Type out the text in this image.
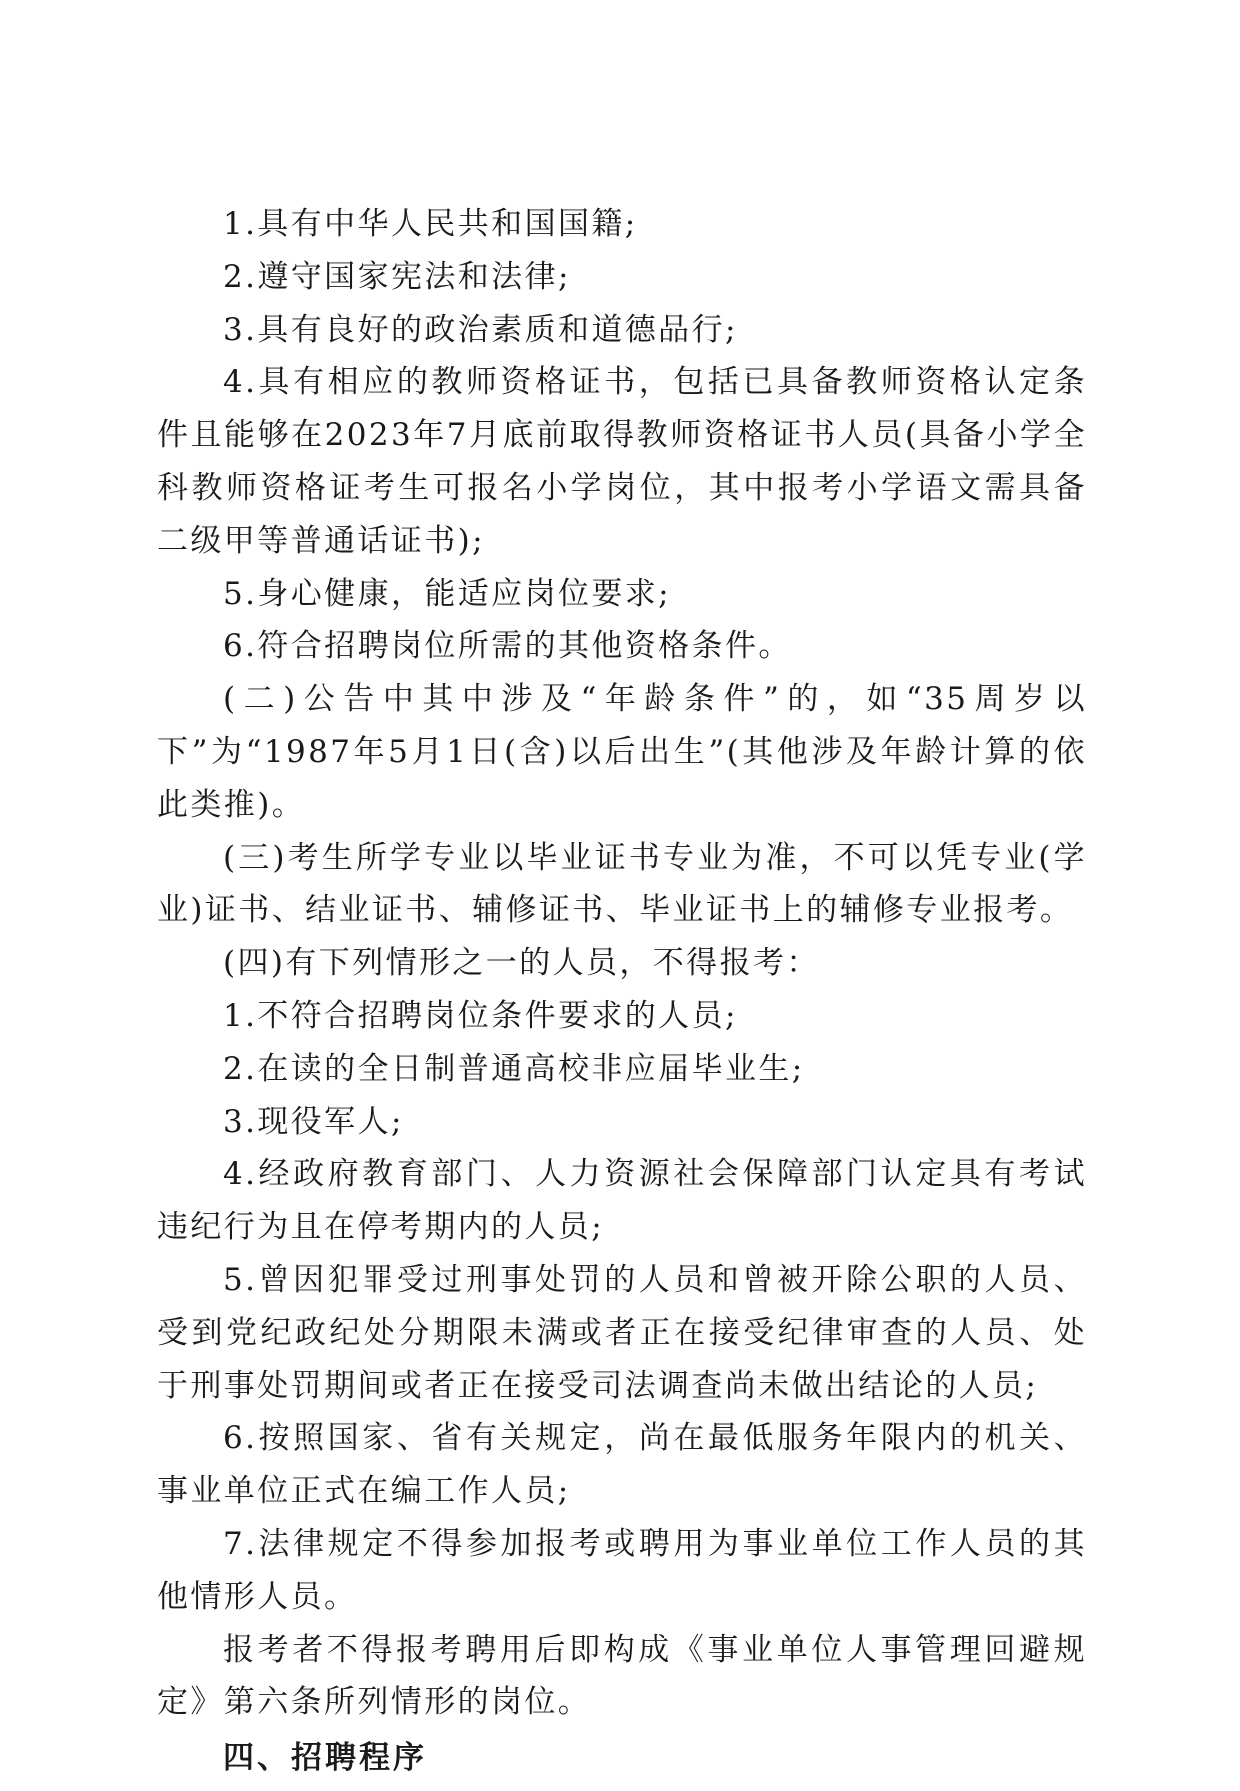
1.具有中华人民共和国国籍;

2.遵守国家宪法和法律;

3.具有良好的政治素质和道德品行;

4.具有相应的教师资格证书，包括已具备教师资格认定条件且能够在2023年7月底前取得教师资格证书人员(具备小学全科教师资格证考生可报名小学岗位，其中报考小学语文需具备二级甲等普通话证书);

5.身心健康，能适应岗位要求;

6.符合招聘岗位所需的其他资格条件。

(二)公告中其中涉及“年龄条件”的，如“35周岁以下”为“1987年5月1日(含)以后出生”(其他涉及年龄计算的依此类推)。

(三)考生所学专业以毕业证书专业为准，不可以凭专业(学业)证书、结业证书、辅修证书、毕业证书上的辅修专业报考。

(四)有下列情形之一的人员，不得报考：

1.不符合招聘岗位条件要求的人员;

2.在读的全日制普通高校非应届毕业生;

3.现役军人;

4.经政府教育部门、人力资源社会保障部门认定具有考试违纪行为且在停考期内的人员;

5.曾因犯罪受过刑事处罚的人员和曾被开除公职的人员、受到党纪政纪处分期限未满或者正在接受纪律审查的人员、处于刑事处罚期间或者正在接受司法调查尚未做出结论的人员;

6.按照国家、省有关规定，尚在最低服务年限内的机关、事业单位正式在编工作人员;

7.法律规定不得参加报考或聘用为事业单位工作人员的其他情形人员。

报考者不得报考聘用后即构成《事业单位人事管理回避规定》第六条所列情形的岗位。

四、招聘程序
